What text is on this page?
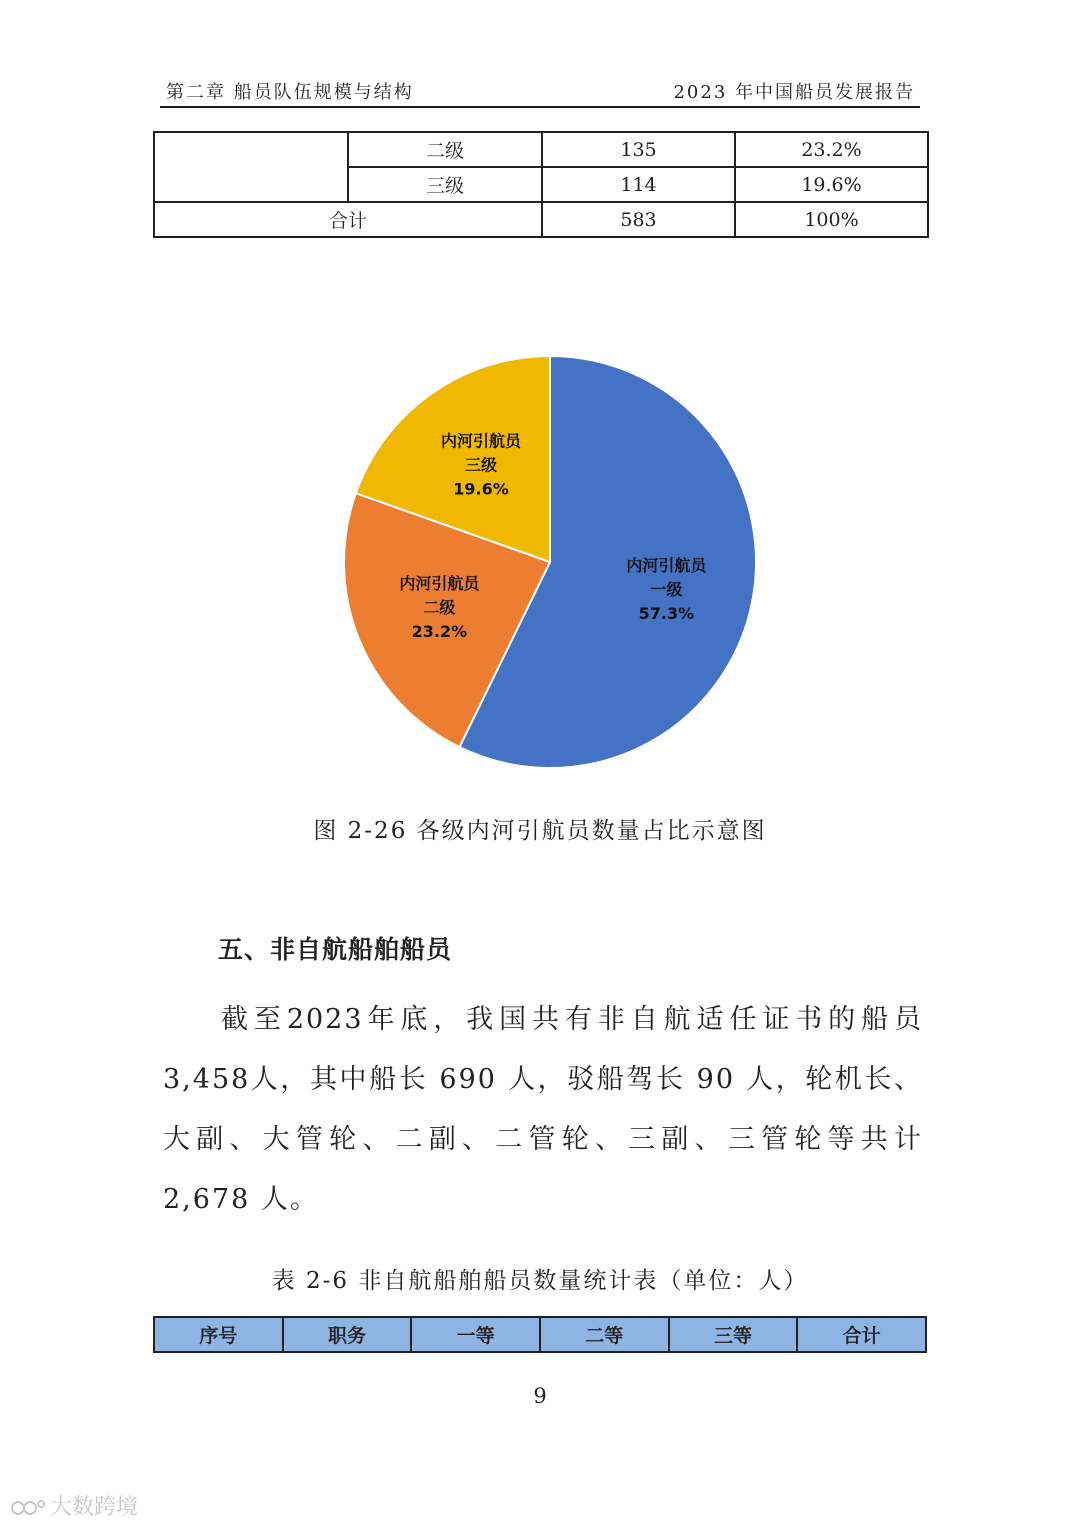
第二章 船员队伍规模与结构	2023 年中国船员发展报告
	二级	135	23.2%
	三级	114	19.6%
合计		583	100%
内河引航员一级 57.3%
内河引航员二级 23.2%
内河引航员三级 19.6%
图 2-26 各级内河引航员数量占比示意图
五、非自航船舶船员
截至2023年底，我国共有非自航适任证书的船员3,458人，其中船长 690 人，驳船驾长 90 人，轮机长、大副、大管轮、二副、二管轮、三副、三管轮等共计 2,678 人。
表 2-6 非自航船舶船员数量统计表（单位：人）
序号	职务	一等	二等	三等	合计
9
大数跨境
